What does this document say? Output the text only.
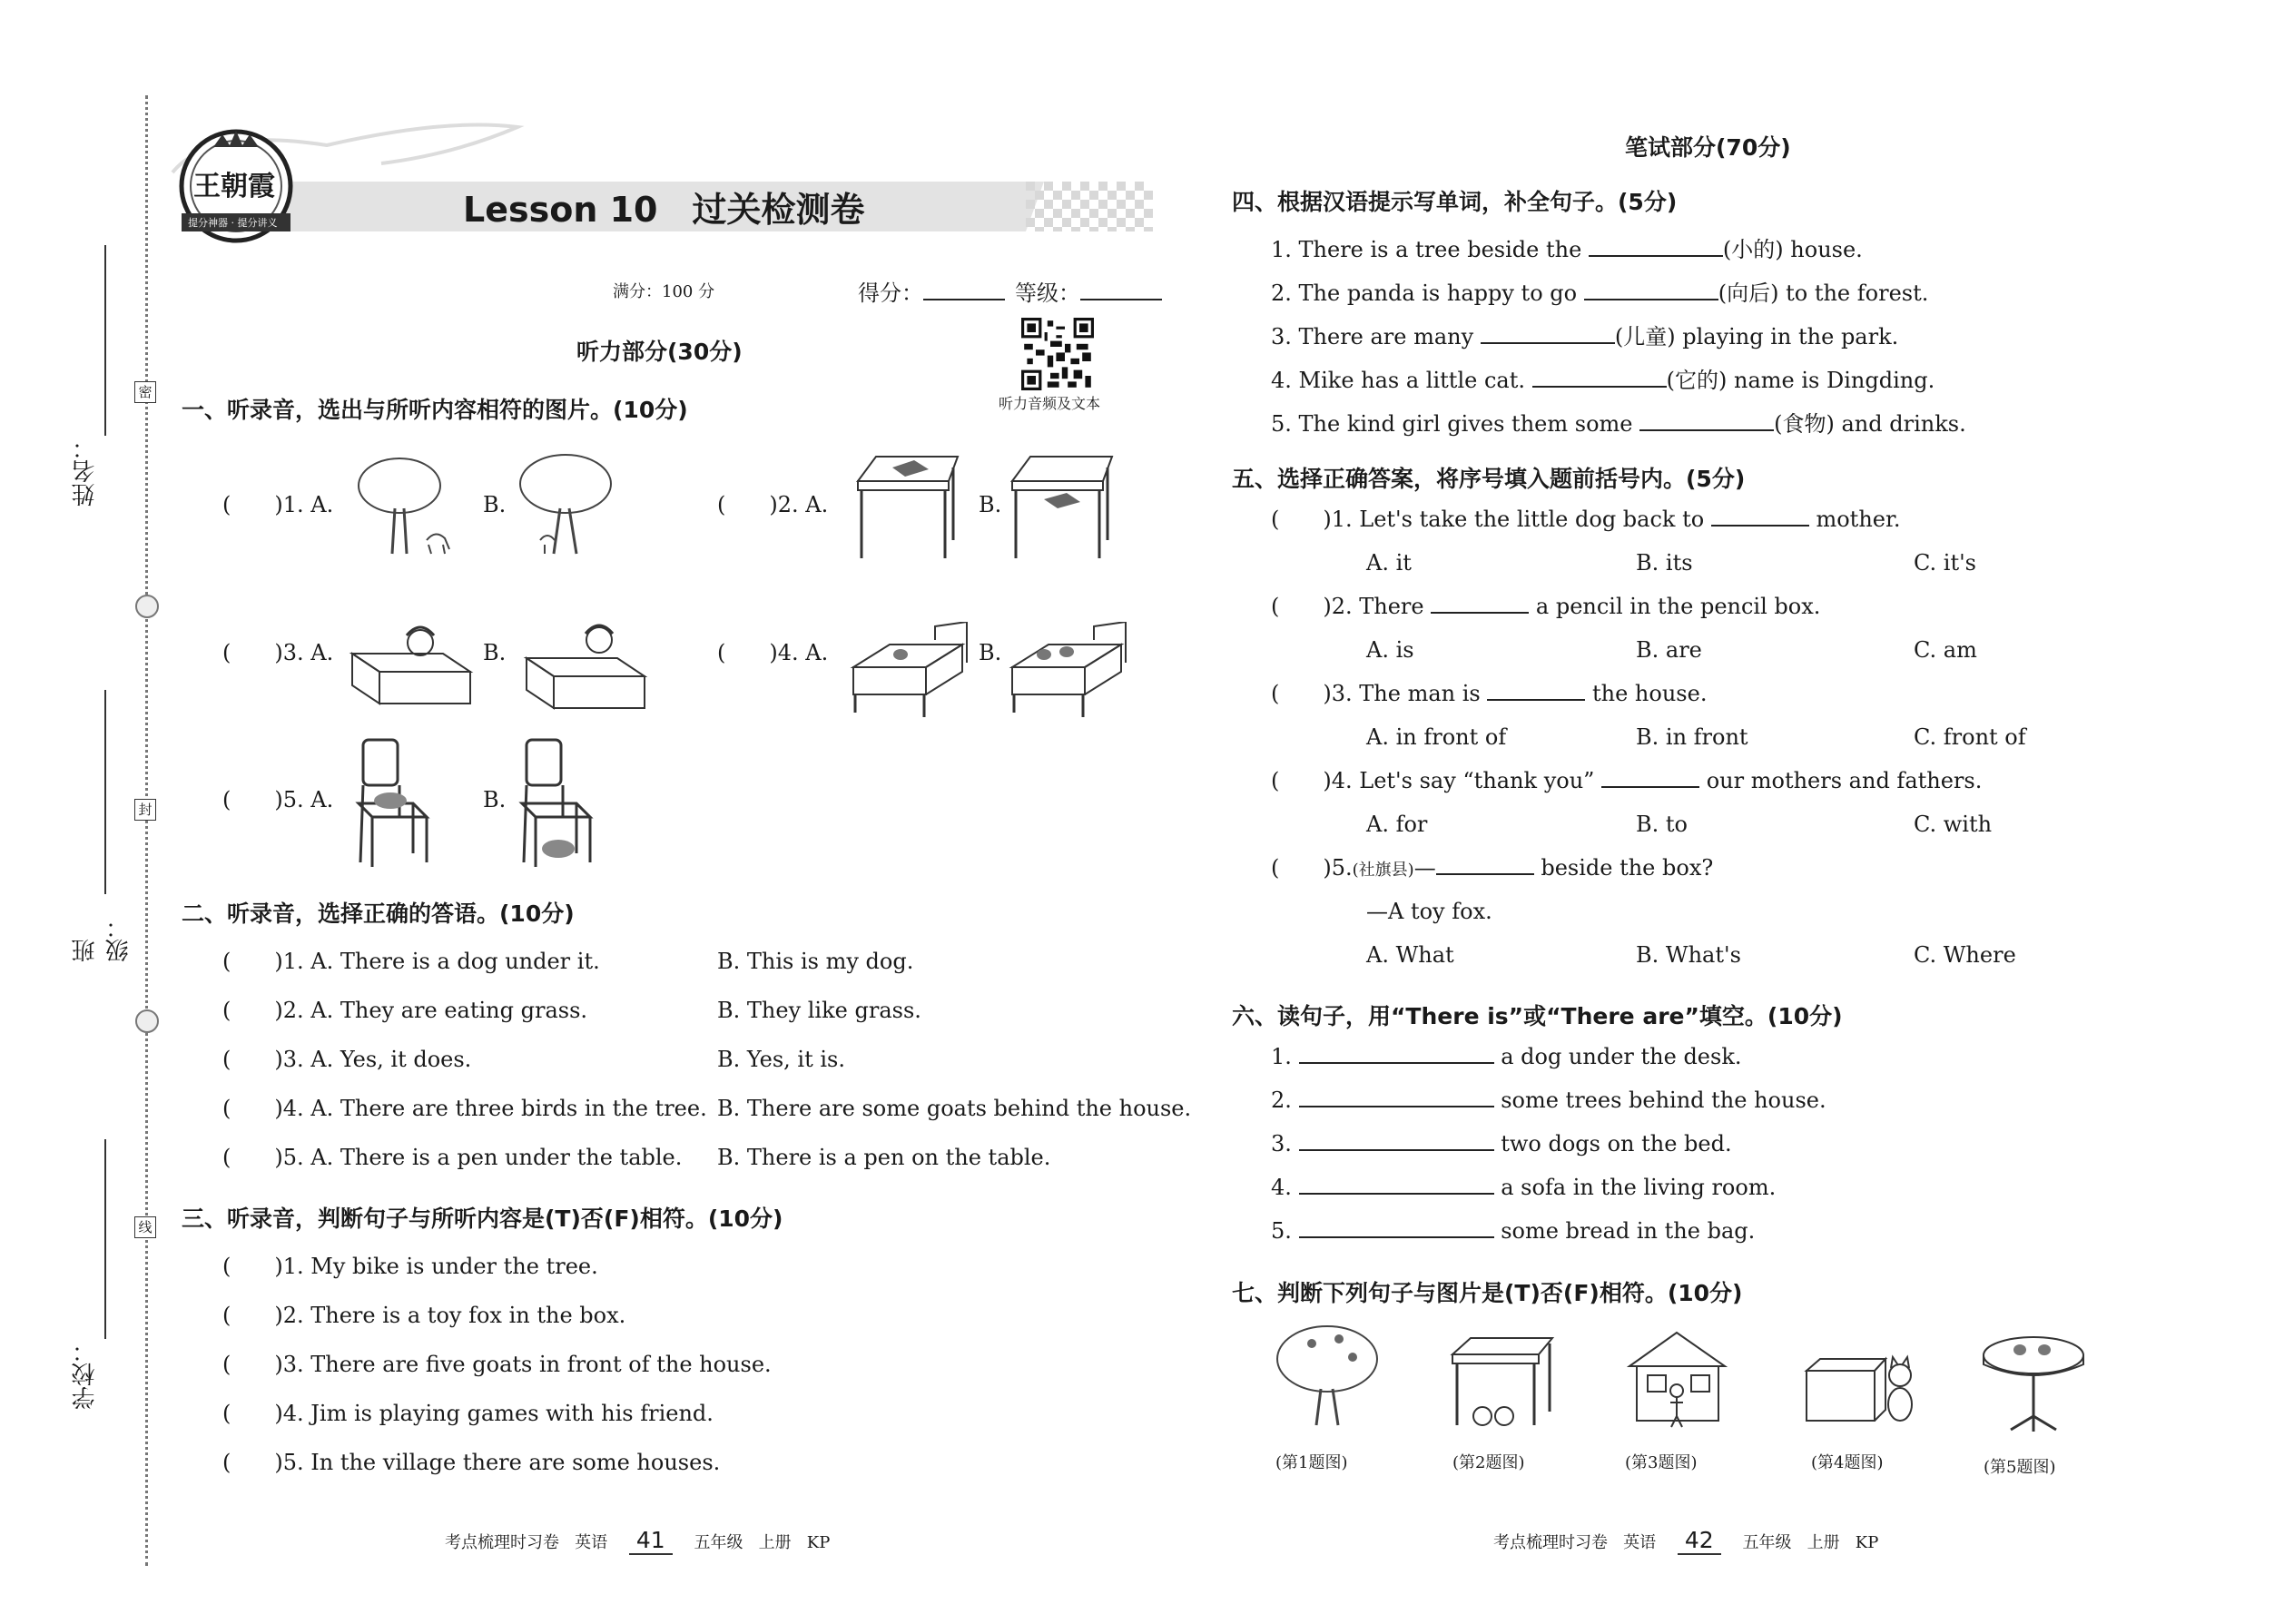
姓名：
班级：
学校：
密
封
线
王朝霞
提分神器 · 提分讲义	Lesson 10　过关检测卷
满分：100 分	得分：	等级：
听力音频及文本
听力部分(30分)
一、听录音，选出与所听内容相符的图片。(10分)
( )1. A.	B.	( )2. A.	B.
( )3. A.	B.	( )4. A.	B.
( )5. A.	B.
二、听录音，选择正确的答语。(10分)
( )1. A. There is a dog under it.	B. This is my dog.
( )2. A. They are eating grass.	B. They like grass.
( )3. A. Yes, it does.	B. Yes, it is.
( )4. A. There are three birds in the tree. B. There are some goats behind the house.
( )5. A. There is a pen under the table. B. There is a pen on the table.
三、听录音，判断句子与所听内容是(T)否(F)相符。(10分)
( )1. My bike is under the tree.
( )2. There is a toy fox in the box.
( )3. There are five goats in front of the house.
( )4. Jim is playing games with his friend.
( )5. In the village there are some houses.
考点梳理时习卷 英语 41 五年级 上册 KP
笔试部分(70分)
四、根据汉语提示写单词，补全句子。(5分)
1. There is a tree beside the	(小的) house.
2. The panda is happy to go	(向后) to the forest.
3. There are many	(儿童) playing in the park.
4. Mike has a little cat.	(它的) name is Dingding.
5. The kind girl gives them some	(食物) and drinks.
五、选择正确答案，将序号填入题前括号内。(5分)
( )1. Let's take the little dog back to	mother.
A. it	B. its	C. it's
( )2. There	a pencil in the pencil box.
A. is	B. are	C. am
( )3. The man is	the house.
A. in front of	B. in front	C. front of
( )4. Let's say “thank you”	our mothers and fathers.
A. for	B. to	C. with
( )5.(社旗县)—	beside the box?
—A toy fox.
A. What	B. What's	C. Where
六、读句子，用“There is”或“There are”填空。(10分)
1.	a dog under the desk.
2.	some trees behind the house.
3.	two dogs on the bed.
4.	a sofa in the living room.
5.	some bread in the bag.
七、判断下列句子与图片是(T)否(F)相符。(10分)
(第1题图)	(第2题图)	(第3题图)	(第4题图)	(第5题图)
考点梳理时习卷 英语 42 五年级 上册 KP
